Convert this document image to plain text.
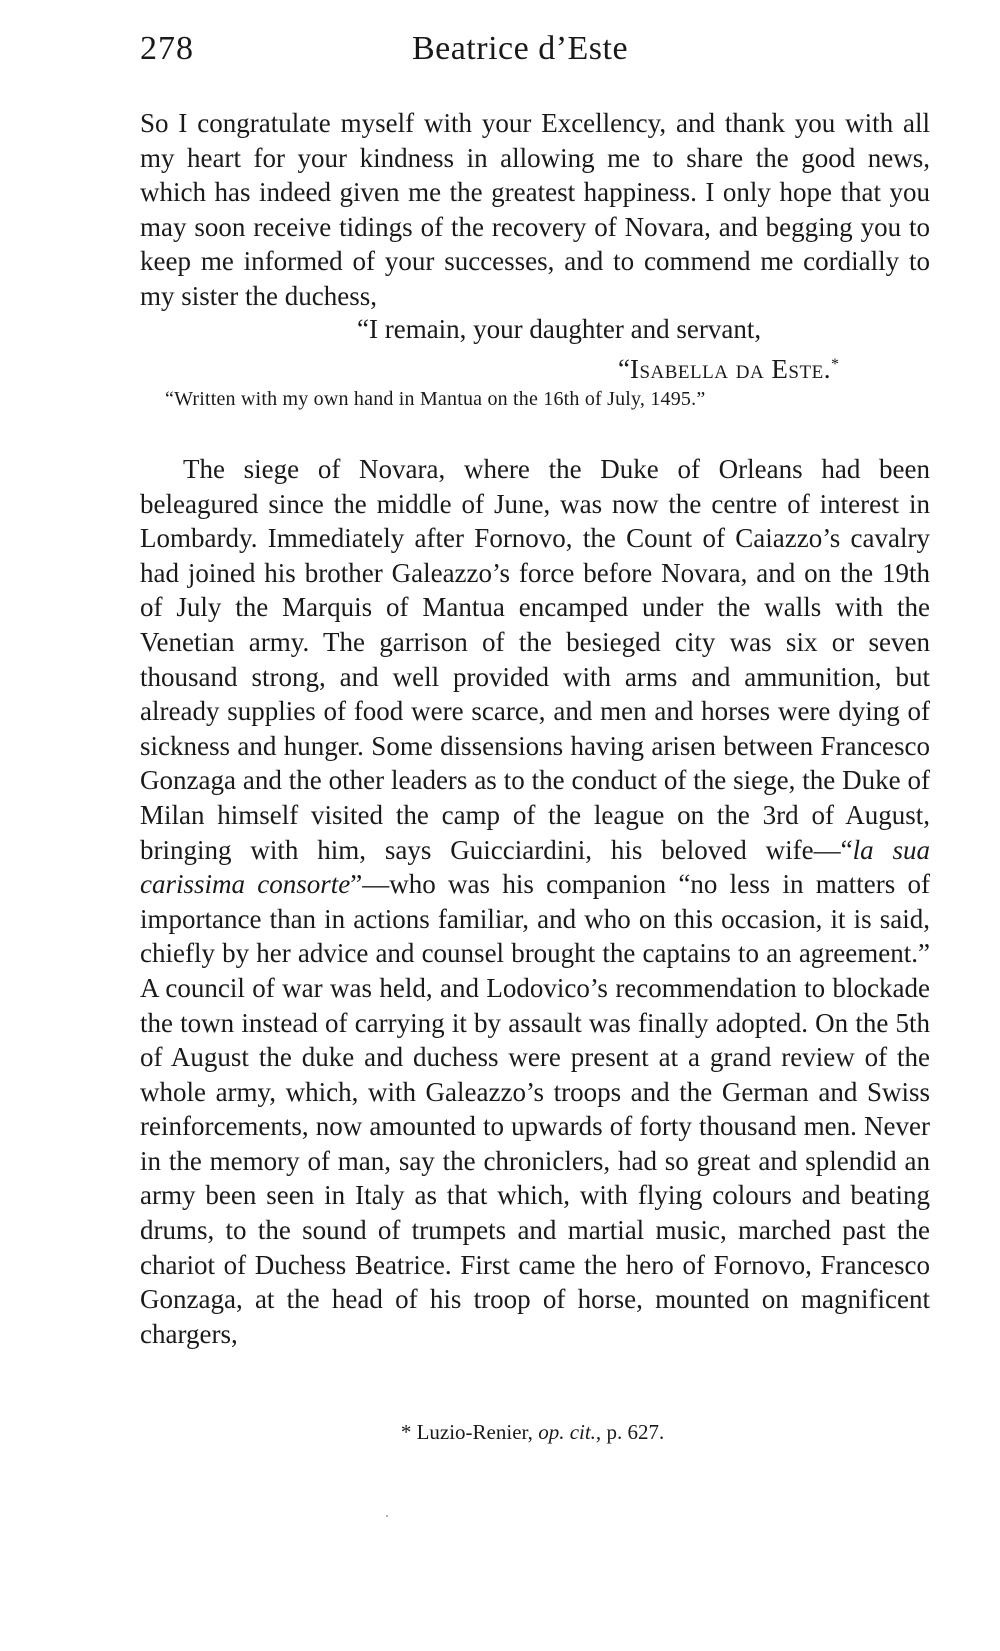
278	Beatrice d’Este

So I congratulate myself with your Excellency, and thank you with all my heart for your kindness in allowing me to share the good news, which has indeed given me the greatest happiness. I only hope that you may soon receive tidings of the recovery of Novara, and begging you to keep me informed of your successes, and to commend me cordially to my sister the duchess,

“I remain, your daughter and servant,
“Isabella da Este.*
“Written with my own hand in Mantua on the 16th of July, 1495.”

The siege of Novara, where the Duke of Orleans had been beleagured since the middle of June, was now the centre of interest in Lombardy. Immediately after Fornovo, the Count of Caiazzo’s cavalry had joined his brother Galeazzo’s force before Novara, and on the 19th of July the Marquis of Mantua encamped under the walls with the Venetian army. The garrison of the besieged city was six or seven thousand strong, and well provided with arms and ammunition, but already supplies of food were scarce, and men and horses were dying of sickness and hunger. Some dissensions having arisen between Francesco Gonzaga and the other leaders as to the conduct of the siege, the Duke of Milan himself visited the camp of the league on the 3rd of August, bringing with him, says Guicciardini, his beloved wife—“la sua carissima consorte”—who was his companion “no less in matters of importance than in actions familiar, and who on this occasion, it is said, chiefly by her advice and counsel brought the captains to an agreement.” A council of war was held, and Lodovico’s recommendation to blockade the town instead of carrying it by assault was finally adopted. On the 5th of August the duke and duchess were present at a grand review of the whole army, which, with Galeazzo’s troops and the German and Swiss reinforcements, now amounted to upwards of forty thousand men. Never in the memory of man, say the chroniclers, had so great and splendid an army been seen in Italy as that which, with flying colours and beating drums, to the sound of trumpets and martial music, marched past the chariot of Duchess Beatrice. First came the hero of Fornovo, Francesco Gonzaga, at the head of his troop of horse, mounted on magnificent chargers,

* Luzio-Renier, op. cit., p. 627.
